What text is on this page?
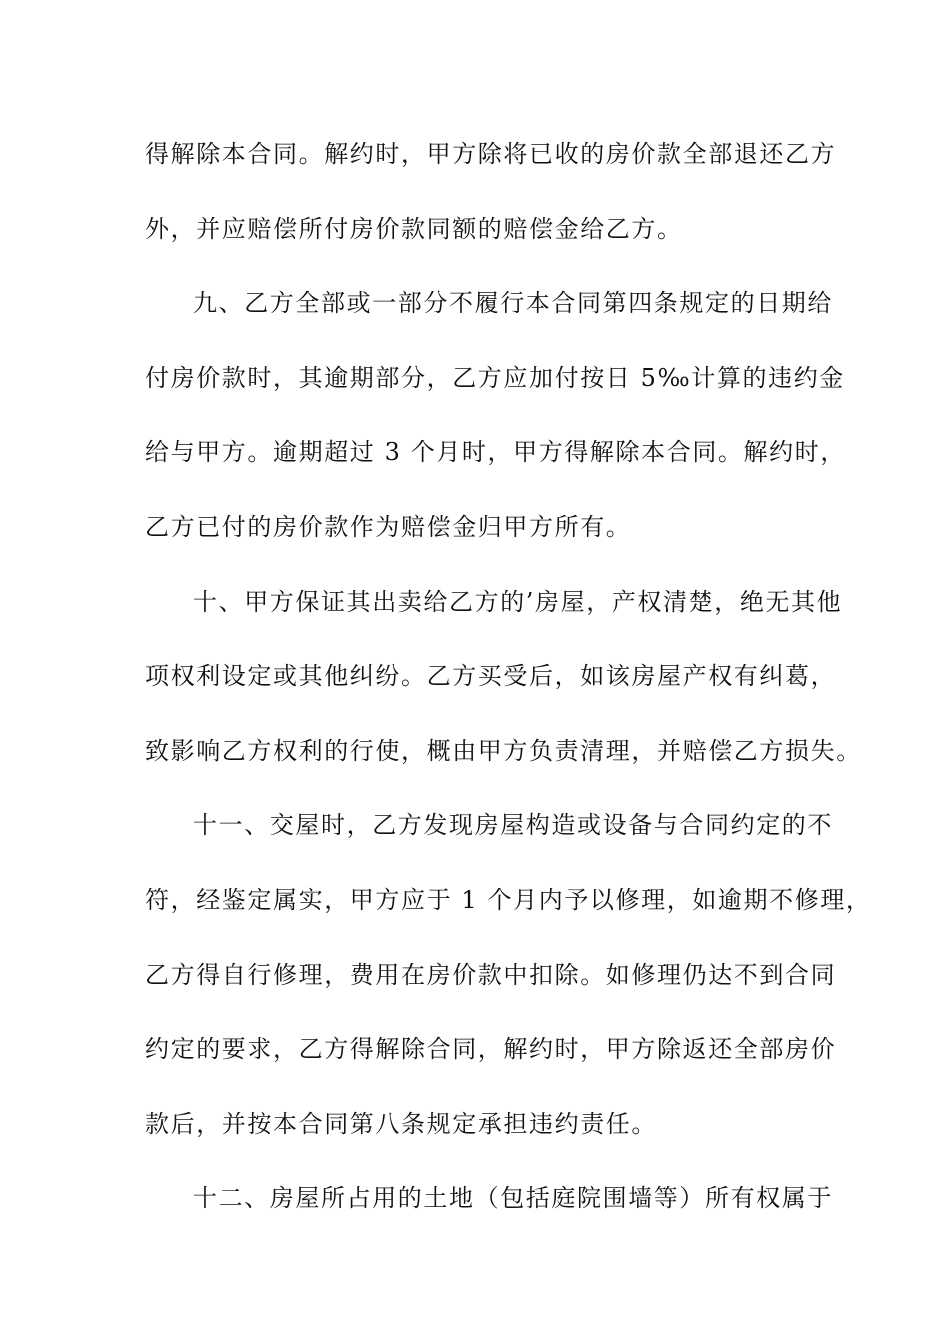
得解除本合同。解约时，甲方除将已收的房价款全部退还乙方
外，并应赔偿所付房价款同额的赔偿金给乙方。
九、乙方全部或一部分不履行本合同第四条规定的日期给
付房价款时，其逾期部分，乙方应加付按日 5‰计算的违约金
给与甲方。逾期超过 3 个月时，甲方得解除本合同。解约时，
乙方已付的房价款作为赔偿金归甲方所有。
十、甲方保证其出卖给乙方的’房屋，产权清楚，绝无其他
项权利设定或其他纠纷。乙方买受后，如该房屋产权有纠葛，
致影响乙方权利的行使，概由甲方负责清理，并赔偿乙方损失。
十一、交屋时，乙方发现房屋构造或设备与合同约定的不
符，经鉴定属实，甲方应于 1 个月内予以修理，如逾期不修理，
乙方得自行修理，费用在房价款中扣除。如修理仍达不到合同
约定的要求，乙方得解除合同，解约时，甲方除返还全部房价
款后，并按本合同第八条规定承担违约责任。
十二、房屋所占用的土地（包括庭院围墙等）所有权属于
